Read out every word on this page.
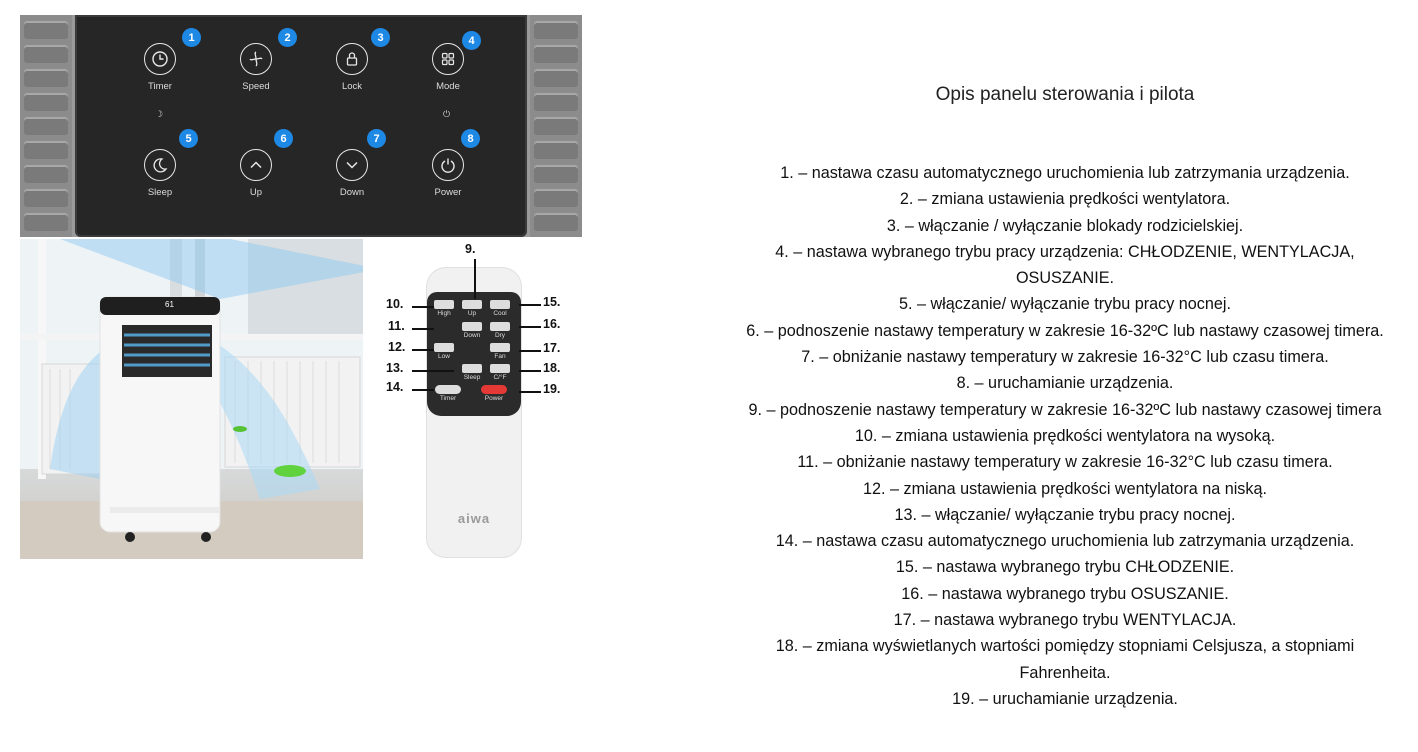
Timer
1
Speed
2
Lock
3
Mode
4
☽	⏻
Sleep
5
Up
6
Down
7
Power
8
61
9.
10.
11.
12.
13.
14.
15.
16.
17.
18.
19.
High	Up	Cool
Down	Dry
Low	Fan
Sleep	C/°F
Timer	Power
aiwa
Opis panelu sterowania i pilota

1. – nastawa czasu automatycznego uruchomienia lub zatrzymania urządzenia.

2. – zmiana ustawienia prędkości wentylatora.

3. – włączanie / wyłączanie blokady rodzicielskiej.

4. – nastawa wybranego trybu pracy urządzenia: CHŁODZENIE, WENTYLACJA, OSUSZANIE.

5. – włączanie/ wyłączanie trybu pracy nocnej.

6. – podnoszenie nastawy temperatury w zakresie 16-32ºC lub nastawy czasowej timera.

7. – obniżanie nastawy temperatury w zakresie 16-32°C lub czasu timera.

8. – uruchamianie urządzenia.

9. – podnoszenie nastawy temperatury w zakresie 16-32ºC lub nastawy czasowej timera

10. – zmiana ustawienia prędkości wentylatora na wysoką.

11. – obniżanie nastawy temperatury w zakresie 16-32°C lub czasu timera.

12. – zmiana ustawienia prędkości wentylatora na niską.

13. – włączanie/ wyłączanie trybu pracy nocnej.

14. – nastawa czasu automatycznego uruchomienia lub zatrzymania urządzenia.

15. – nastawa wybranego trybu CHŁODZENIE.

16. – nastawa wybranego trybu OSUSZANIE.

17. – nastawa wybranego trybu WENTYLACJA.

18. – zmiana wyświetlanych wartości pomiędzy stopniami Celsjusza, a stopniami Fahrenheita.

19. – uruchamianie urządzenia.
